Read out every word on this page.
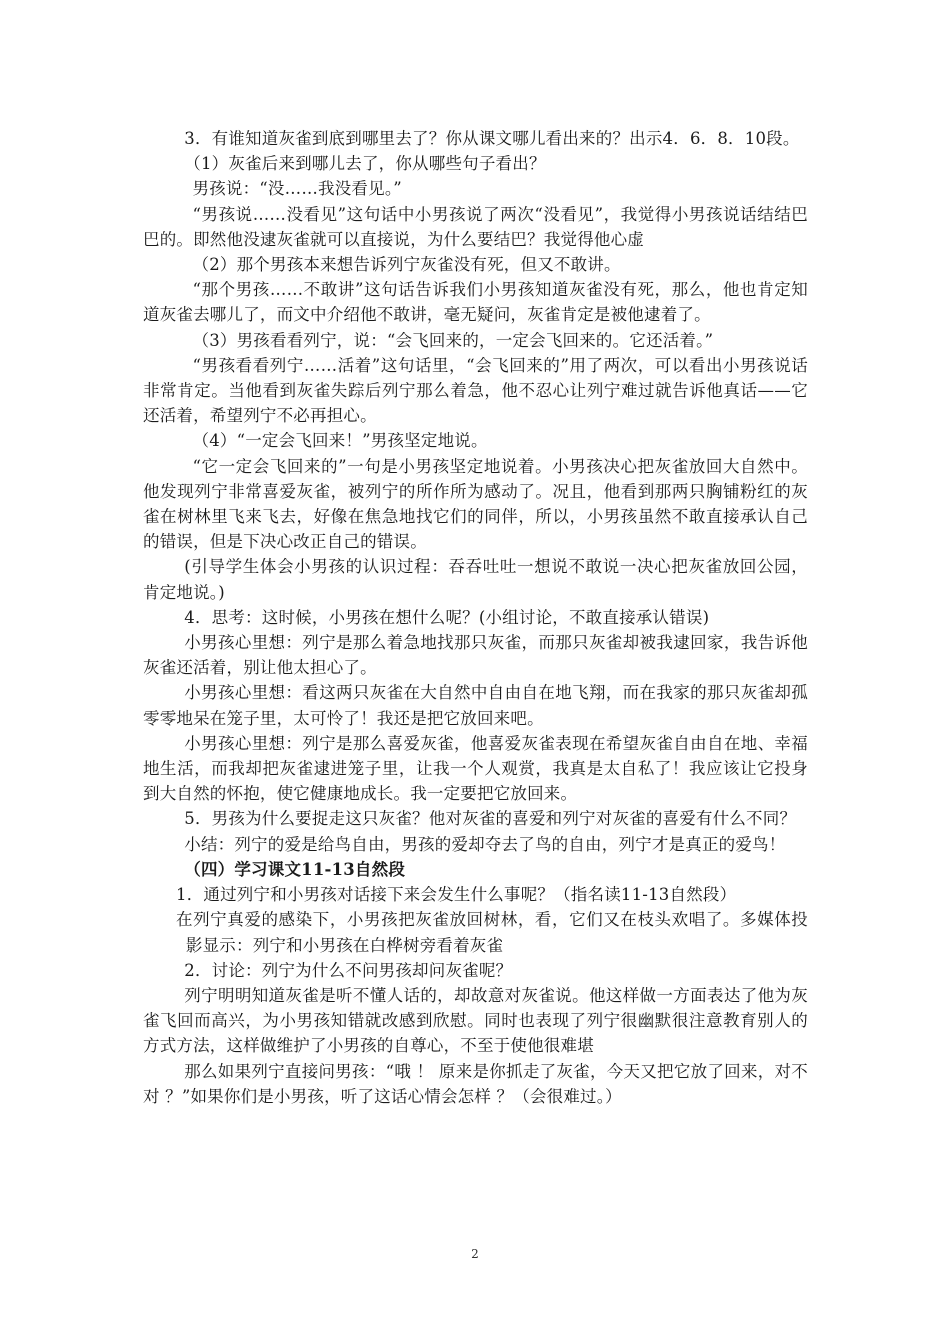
3．有谁知道灰雀到底到哪里去了？你从课文哪儿看出来的？出示4．6．8．10段。

（1）灰雀后来到哪儿去了，你从哪些句子看出？

男孩说：“没……我没看见。”

“男孩说……没看见”这句话中小男孩说了两次“没看见”，我觉得小男孩说话结结巴巴的。即然他没逮灰雀就可以直接说，为什么要结巴？我觉得他心虚

（2）那个男孩本来想告诉列宁灰雀没有死，但又不敢讲。

“那个男孩……不敢讲”这句话告诉我们小男孩知道灰雀没有死，那么，他也肯定知道灰雀去哪儿了，而文中介绍他不敢讲，毫无疑问，灰雀肯定是被他逮着了。

（3）男孩看看列宁，说：“会飞回来的，一定会飞回来的。它还活着。”

“男孩看看列宁……活着”这句话里，“会飞回来的”用了两次，可以看出小男孩说话非常肯定。当他看到灰雀失踪后列宁那么着急，他不忍心让列宁难过就告诉他真话——它还活着，希望列宁不必再担心。

（4）“一定会飞回来！”男孩坚定地说。

“它一定会飞回来的”一句是小男孩坚定地说着。小男孩决心把灰雀放回大自然中。他发现列宁非常喜爱灰雀，被列宁的所作所为感动了。况且，他看到那两只胸铺粉红的灰雀在树林里飞来飞去，好像在焦急地找它们的同伴，所以，小男孩虽然不敢直接承认自己的错误，但是下决心改正自己的错误。

(引导学生体会小男孩的认识过程：吞吞吐吐一想说不敢说一决心把灰雀放回公园，肯定地说。)

4．思考：这时候，小男孩在想什么呢？(小组讨论，不敢直接承认错误)

小男孩心里想：列宁是那么着急地找那只灰雀，而那只灰雀却被我逮回家，我告诉他灰雀还活着，别让他太担心了。

小男孩心里想：看这两只灰雀在大自然中自由自在地飞翔，而在我家的那只灰雀却孤零零地呆在笼子里，太可怜了！我还是把它放回来吧。

小男孩心里想：列宁是那么喜爱灰雀，他喜爱灰雀表现在希望灰雀自由自在地、幸福地生活，而我却把灰雀逮进笼子里，让我一个人观赏，我真是太自私了！我应该让它投身到大自然的怀抱，使它健康地成长。我一定要把它放回来。

5．男孩为什么要捉走这只灰雀？他对灰雀的喜爱和列宁对灰雀的喜爱有什么不同？

小结：列宁的爱是给鸟自由，男孩的爱却夺去了鸟的自由，列宁才是真正的爱鸟！

（四）学习课文11-13自然段

1．通过列宁和小男孩对话接下来会发生什么事呢？（指名读11-13自然段）

在列宁真爱的感染下，小男孩把灰雀放回树林，看，它们又在枝头欢唱了。多媒体投影显示：列宁和小男孩在白桦树旁看着灰雀

2．讨论：列宁为什么不问男孩却问灰雀呢？

列宁明明知道灰雀是听不懂人话的，却故意对灰雀说。他这样做一方面表达了他为灰雀飞回而高兴，为小男孩知错就改感到欣慰。同时也表现了列宁很幽默很注意教育别人的方式方法，这样做维护了小男孩的自尊心，不至于使他很难堪

那么如果列宁直接问男孩：“哦 ！ 原来是你抓走了灰雀，今天又把它放了回来，对不对 ？”如果你们是小男孩，听了这话心情会怎样 ？（会很难过。）

2
